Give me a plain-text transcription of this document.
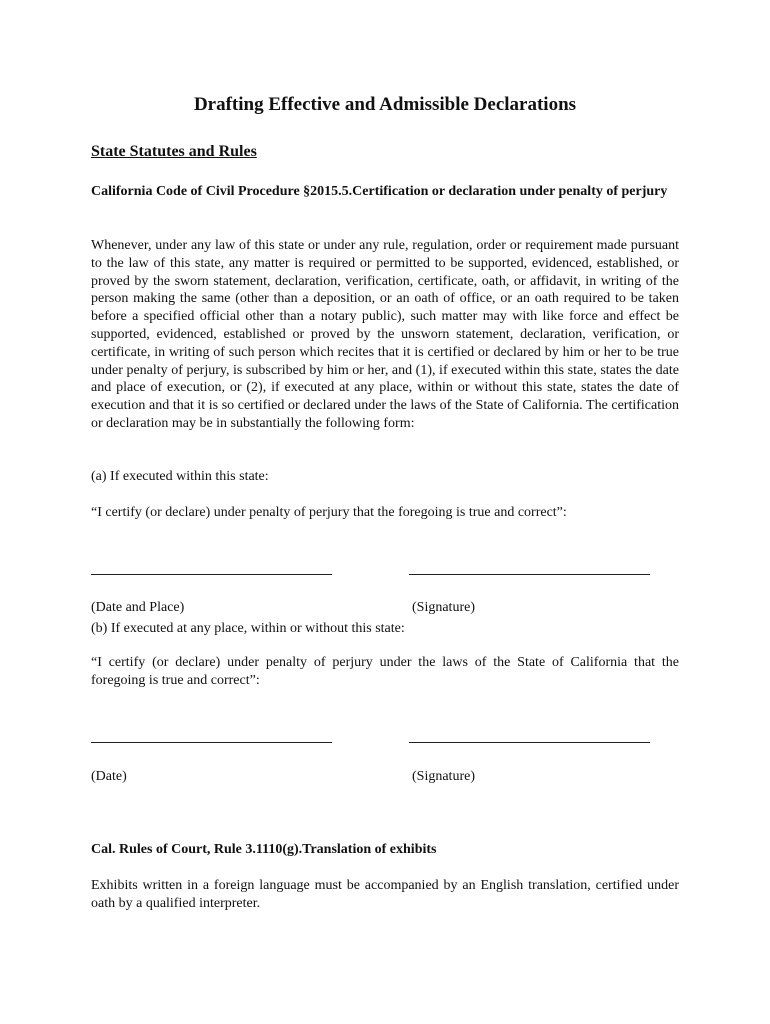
Drafting Effective and Admissible Declarations
State Statutes and Rules

California Code of Civil Procedure §2015.5.Certification or declaration under penalty of perjury

Whenever, under any law of this state or under any rule, regulation, order or requirement made pursuant to the law of this state, any matter is required or permitted to be supported, evidenced, established, or proved by the sworn statement, declaration, verification, certificate, oath, or affidavit, in writing of the person making the same (other than a deposition, or an oath of office, or an oath required to be taken before a specified official other than a notary public), such matter may with like force and effect be supported, evidenced, established or proved by the unsworn statement, declaration, verification, or certificate, in writing of such person which recites that it is certified or declared by him or her to be true under penalty of perjury, is subscribed by him or her, and (1), if executed within this state, states the date and place of execution, or (2), if executed at any place, within or without this state, states the date of execution and that it is so certified or declared under the laws of the State of California. The certification or declaration may be in substantially the following form:

(a) If executed within this state:

“I certify (or declare) under penalty of perjury that the foregoing is true and correct”:

(Date and Place)	(Signature)

(b) If executed at any place, within or without this state:

“I certify (or declare) under penalty of perjury under the laws of the State of California that the foregoing is true and correct”:

(Date)	(Signature)

Cal. Rules of Court, Rule 3.1110(g).Translation of exhibits

Exhibits written in a foreign language must be accompanied by an English translation, certified under oath by a qualified interpreter.
